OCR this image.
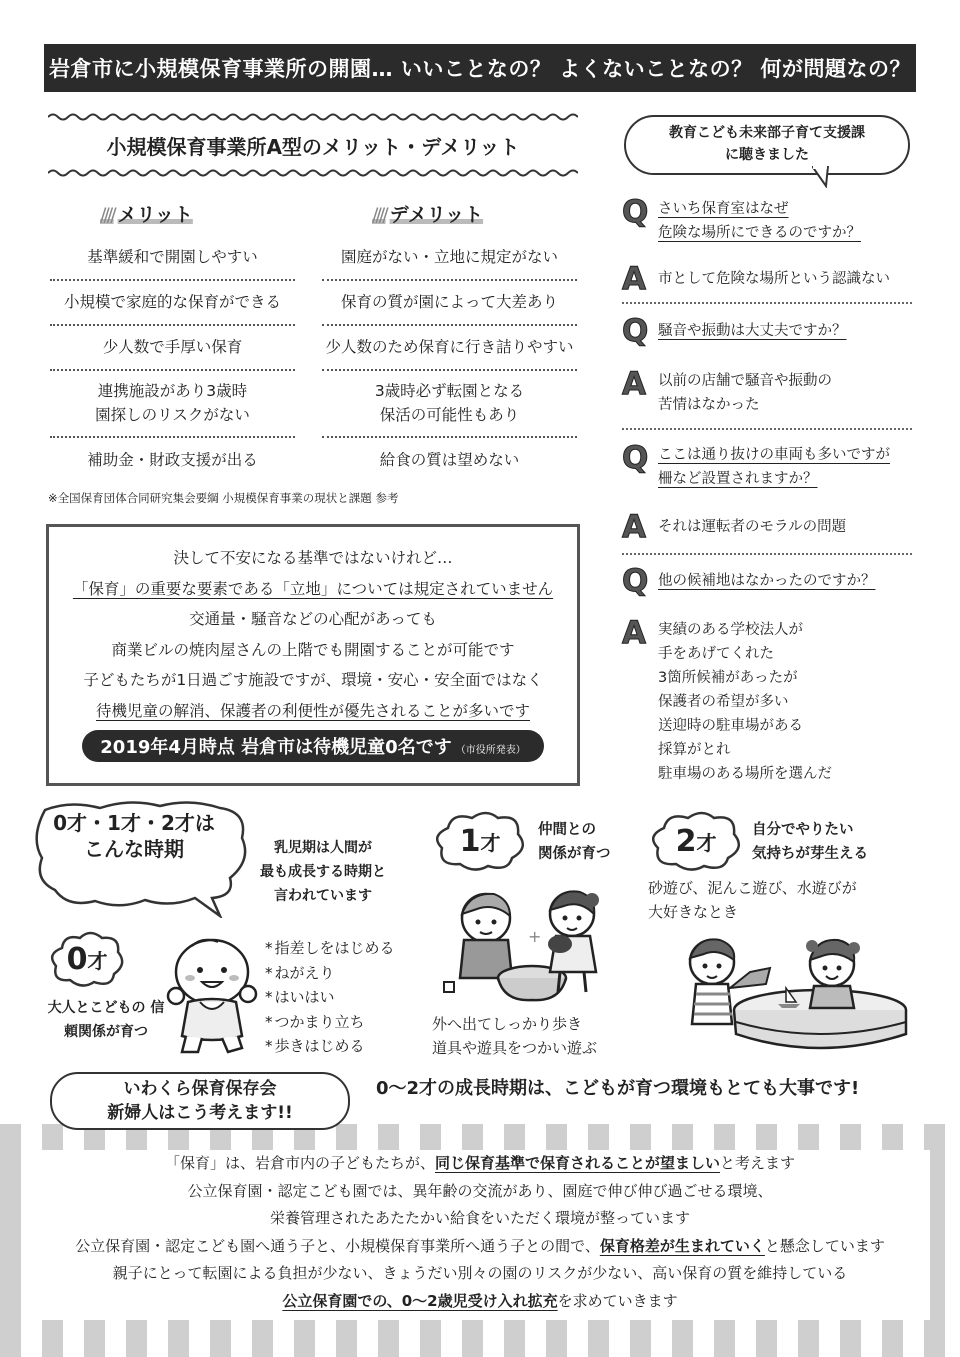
岩倉市に小規模保育事業所の開園… いいことなの？ よくないことなの？ 何が問題なの？
小規模保育事業所A型のメリット・デメリット
//// メリット	//// デメリット
基準緩和で開園しやすい
小規模で家庭的な保育ができる
少人数で手厚い保育
連携施設があり3歳時
園探しのリスクがない
補助金・財政支援が出る
園庭がない・立地に規定がない
保育の質が園によって大差あり
少人数のため保育に行き詰りやすい
3歳時必ず転園となる
保活の可能性もあり
給食の質は望めない
※全国保育団体合同研究集会要綱 小規模保育事業の現状と課題 参考
決して不安になる基準ではないけれど…
「保育」の重要な要素である「立地」については規定されていません
交通量・騒音などの心配があっても
商業ビルの焼肉屋さんの上階でも開園することが可能です
子どもたちが1日過ごす施設ですが、環境・安心・安全面ではなく
待機児童の解消、保護者の利便性が優先されることが多いです
2019年4月時点 岩倉市は待機児童0名です （市役所発表）
教育こども未来部子育て支援課
に聴きました
Q さいち保育室はなぜ
危険な場所にできるのですか？
A 市として危険な場所という認識ない
Q 騒音や振動は大丈夫ですか？
A 以前の店舗で騒音や振動の
苦情はなかった
Q ここは通り抜けの車両も多いですが
柵など設置されますか？
A それは運転者のモラルの問題
Q 他の候補地はなかったのですか？
A 実績のある学校法人が
手をあげてくれた
3箇所候補があったが
保護者の希望が多い
送迎時の駐車場がある
採算がとれ
駐車場のある場所を選んだ
0才・1才・2才は
こんな時期	乳児期は人間が
最も成長する時期と
言われています
0 才
大人とこどもの 信頼関係が育つ
* 指差しをはじめる
* ねがえり
* はいはい
* つかまり立ち
* 歩きはじめる
1 才
仲間との
関係が育つ
+
外へ出てしっかり歩き
道具や遊具をつかい遊ぶ
2 才
自分でやりたい
気持ちが芽生える
砂遊び、泥んこ遊び、水遊びが
大好きなとき
いわくら保育保存会
新婦人はこう考えます!!
0～2才の成長時期は、こどもが育つ環境もとても大事です!
「保育」は、岩倉市内の子どもたちが、同じ保育基準で保育されることが望ましいと考えます
公立保育園・認定こども園では、異年齢の交流があり、園庭で伸び伸び過ごせる環境、
栄養管理されたあたたかい給食をいただく環境が整っています
公立保育園・認定こども園へ通う子と、小規模保育事業所へ通う子との間で、保育格差が生まれていくと懸念しています
親子にとって転園による負担が少ない、きょうだい別々の園のリスクが少ない、高い保育の質を維持している
公立保育園での、0～2歳児受け入れ拡充を求めていきます
